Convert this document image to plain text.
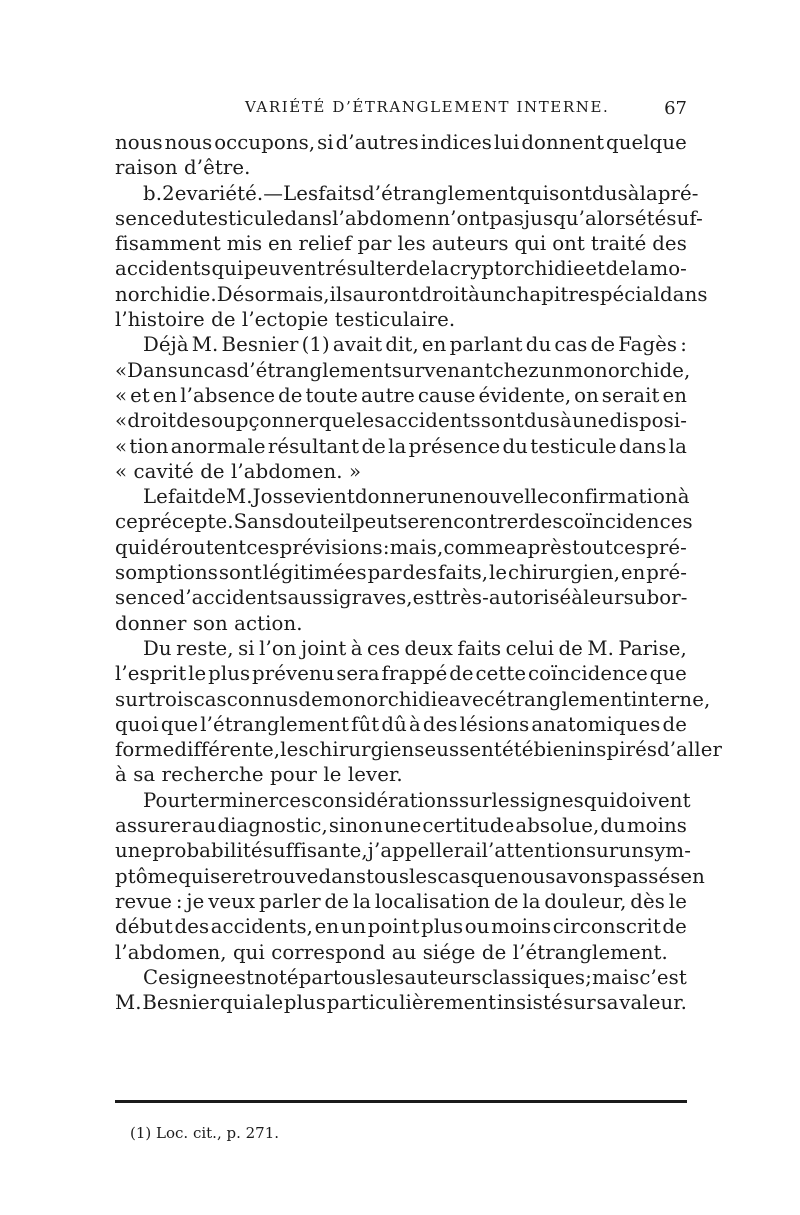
VARIÉTÉ D’ÉTRANGLEMENT INTERNE.	67
nous nous occupons, si d’autres indices lui donnent quelque
raison d’être.
b. 2e variété. — Les faits d’étranglement qui sont dus à la pré-
sence du testicule dans l’abdomen n’ont pas jusqu’alors été suf-
fisamment mis en relief par les auteurs qui ont traité des
accidents qui peuvent résulter de la cryptorchidie et de la mo-
norchidie. Désormais, ils auront droit à un chapitre spécial dans
l’histoire de l’ectopie testiculaire.
Déjà M. Besnier (1) avait dit, en parlant du cas de Fagès :
« Dans un cas d’étranglement survenant chez un monorchide,
« et en l’absence de toute autre cause évidente, on serait en
« droit de soupçonner que les accidents sont dus à une disposi-
« tion anormale résultant de la présence du testicule dans la
« cavité de l’abdomen. »
Le fait de M. Josse vient donner une nouvelle confirmation à
ce précepte. Sans doute il peut se rencontrer des coïncidences
qui déroutent ces prévisions : mais, comme après tout ces pré-
somptions sont légitimées par des faits, le chirurgien, en pré-
sence d’accidents aussi graves, est très-autorisé à leur subor-
donner son action.
Du reste, si l’on joint à ces deux faits celui de M. Parise,
l’esprit le plus prévenu sera frappé de cette coïncidence que
sur trois cas connus de monorchidie avec étranglement interne,
quoi que l’étranglement fût dû à des lésions anatomiques de
forme différente, les chirurgiens eussent été bien inspirés d’aller
à sa recherche pour le lever.
Pour terminer ces considérations sur les signes qui doivent
assurer au diagnostic, sinon une certitude absolue, du moins
une probabilité suffisante, j’appellerai l’attention sur un sym-
ptôme qui se retrouve dans tous les cas que nous avons passés en
revue : je veux parler de la localisation de la douleur, dès le
début des accidents, en un point plus ou moins circonscrit de
l’abdomen, qui correspond au siége de l’étranglement.
Ce signe est noté par tous les auteurs classiques ; mais c’est
M. Besnier qui a le plus particulièrement insisté sur sa valeur.
(1) Loc. cit., p. 271.
